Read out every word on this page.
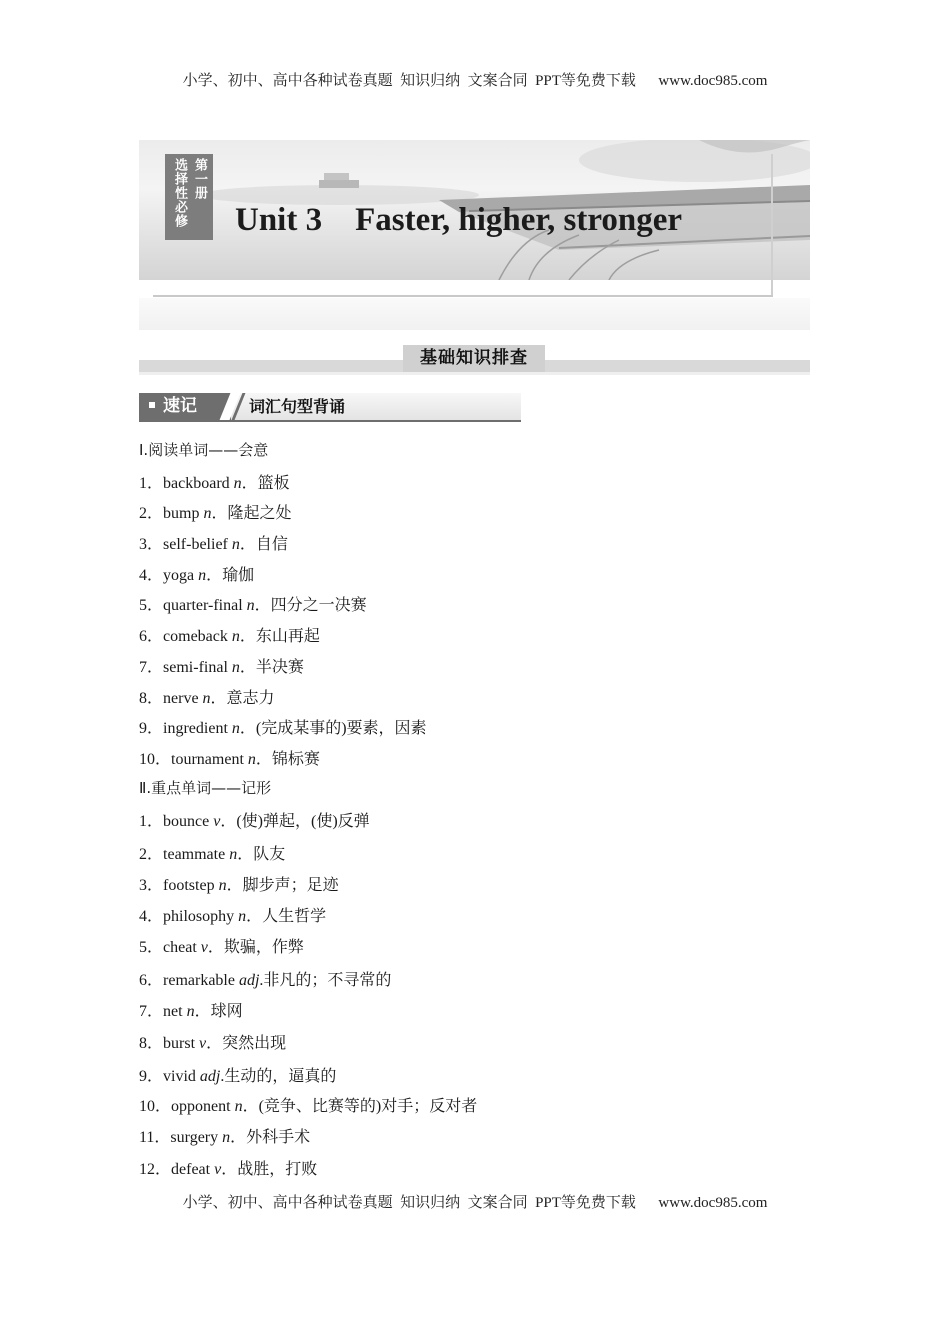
小学、初中、高中各种试卷真题  知识归纳  文案合同  PPT等免费下载      www.doc985.com
选择性必修 第一册
Unit 3    Faster, higher, stronger
基础知识排查
词汇句型背诵
速记
Ⅰ.阅读单词——会意
1．backboard n．篮板
2．bump n．隆起之处
3．self-belief n．自信
4．yoga n．瑜伽
5．quarter-final n．四分之一决赛
6．comeback n．东山再起
7．semi-final n．半决赛
8．nerve n．意志力
9．ingredient n．(完成某事的)要素，因素
10．tournament n．锦标赛
Ⅱ.重点单词——记形
1．bounce v．(使)弹起，(使)反弹
2．teammate n．队友
3．footstep n．脚步声；足迹
4．philosophy n．人生哲学
5．cheat v．欺骗，作弊
6．remarkable adj.非凡的；不寻常的
7．net n．球网
8．burst v．突然出现
9．vivid adj.生动的，逼真的
10．opponent n．(竞争、比赛等的)对手；反对者
11．surgery n．外科手术
12．defeat v．战胜，打败
小学、初中、高中各种试卷真题  知识归纳  文案合同  PPT等免费下载      www.doc985.com
